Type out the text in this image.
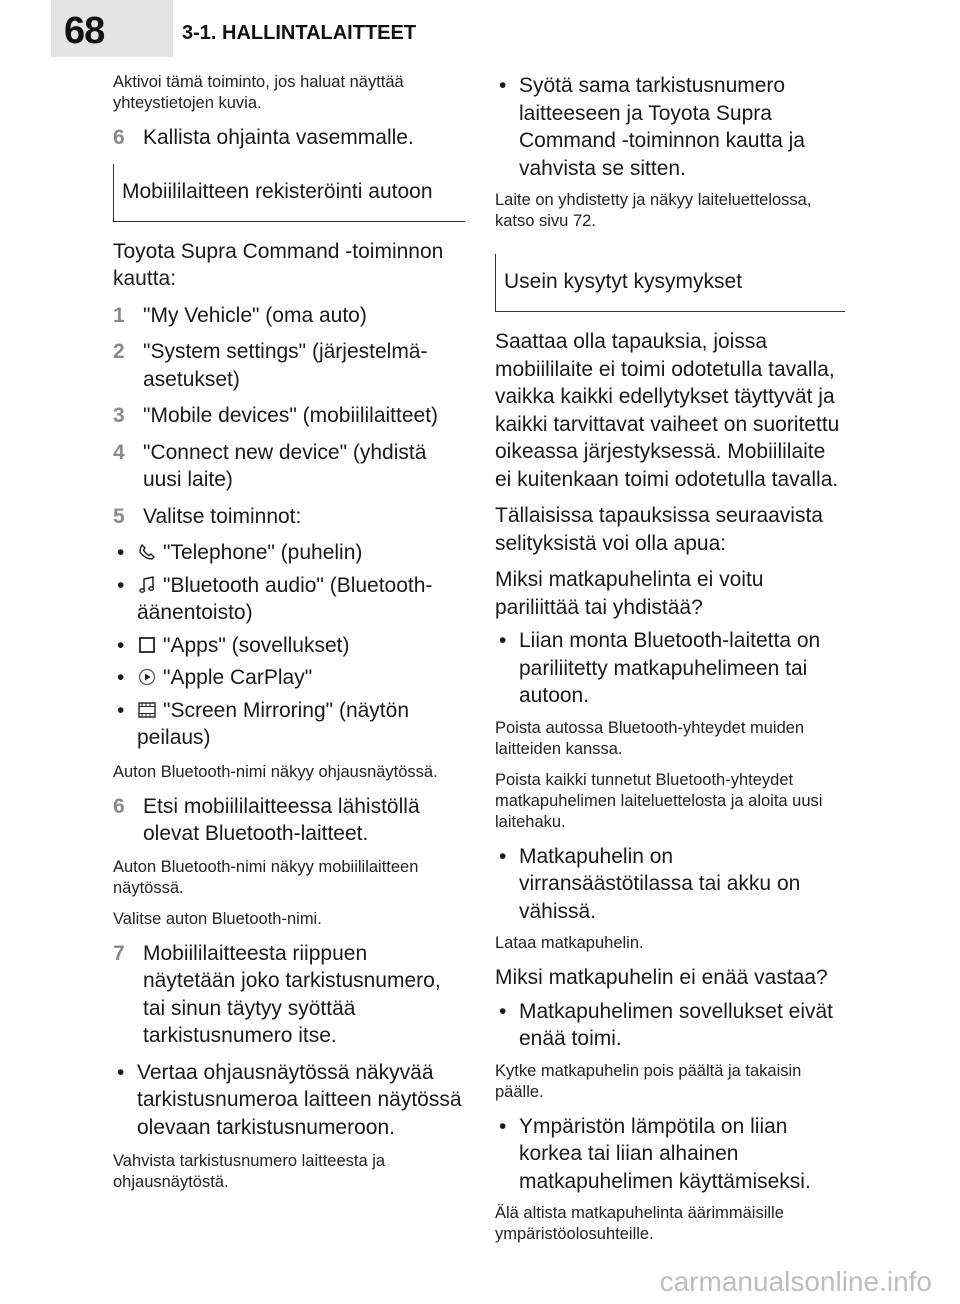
68	3-1. HALLINTALAITTEET

Aktivoi tämä toiminto, jos haluat näyttää yhteystietojen kuvia.

6 Kallista ohjainta vasemmalle.
Mobiililaitteen rekisteröinti autoon

Toyota Supra Command -toiminnon kautta:

1 "My Vehicle" (oma auto)
2 "System settings" (järjestelmä-asetukset)
3 "Mobile devices" (mobiililaitteet)
4 "Connect new device" (yhdistä uusi laite)
5 Valitse toiminnot:
•	"Telephone" (puhelin)
•	"Bluetooth audio" (Bluetooth-äänentoisto)
•	"Apps" (sovellukset)
•	"Apple CarPlay"
•	"Screen Mirroring" (näytön peilaus)

Auton Bluetooth-nimi näkyy ohjausnäytössä.

6 Etsi mobiililaitteessa lähistöllä olevat Bluetooth-laitteet.

Auton Bluetooth-nimi näkyy mobiililaitteen näytössä.

Valitse auton Bluetooth-nimi.

7 Mobiililaitteesta riippuen näytetään joko tarkistusnumero, tai sinun täytyy syöttää tarkistusnumero itse.
• Vertaa ohjausnäytössä näkyvää tarkistusnumeroa laitteen näytössä olevaan tarkistusnumeroon.

Vahvista tarkistusnumero laitteesta ja ohjausnäytöstä.

• Syötä sama tarkistusnumero laitteeseen ja Toyota Supra Command -toiminnon kautta ja vahvista se sitten.

Laite on yhdistetty ja näkyy laiteluettelossa, katso sivu 72.

Usein kysytyt kysymykset

Saattaa olla tapauksia, joissa mobiililaite ei toimi odotetulla tavalla, vaikka kaikki edellytykset täyttyvät ja kaikki tarvittavat vaiheet on suoritettu oikeassa järjestyksessä. Mobiililaite ei kuitenkaan toimi odotetulla tavalla.

Tällaisissa tapauksissa seuraavista selityksistä voi olla apua:

Miksi matkapuhelinta ei voitu pariliittää tai yhdistää?

• Liian monta Bluetooth-laitetta on pariliitetty matkapuhelimeen tai autoon.

Poista autossa Bluetooth-yhteydet muiden laitteiden kanssa.

Poista kaikki tunnetut Bluetooth-yhteydet matkapuhelimen laiteluettelosta ja aloita uusi laitehaku.

• Matkapuhelin on virransäästötilassa tai akku on vähissä.

Lataa matkapuhelin.

Miksi matkapuhelin ei enää vastaa?

• Matkapuhelimen sovellukset eivät enää toimi.

Kytke matkapuhelin pois päältä ja takaisin päälle.

• Ympäristön lämpötila on liian korkea tai liian alhainen matkapuhelimen käyttämiseksi.

Älä altista matkapuhelinta äärimmäisille ympäristöolosuhteille.

carmanualsonline.info
